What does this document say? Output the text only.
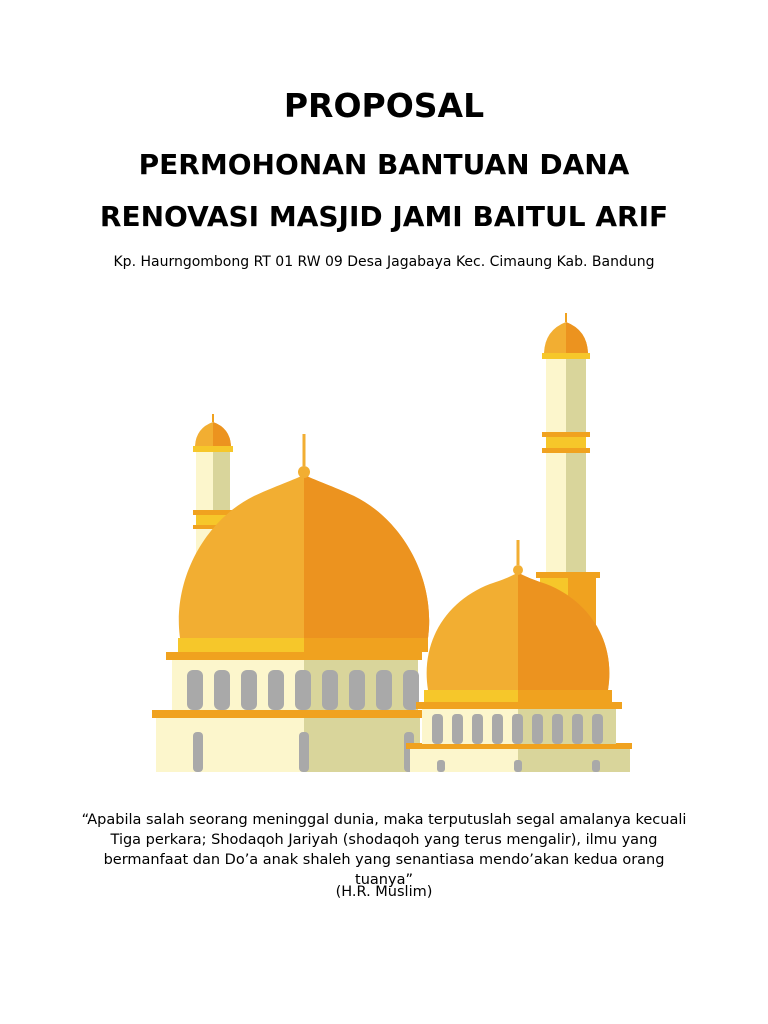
PROPOSAL
PERMOHONAN BANTUAN DANA
RENOVASI MASJID JAMI BAITUL ARIF

Kp. Haurngombong RT 01 RW 09 Desa Jagabaya Kec. Cimaung Kab. Bandung

“Apabila salah seorang meninggal dunia, maka terputuslah segal amalanya kecuali Tiga perkara; Shodaqoh Jariyah (shodaqoh yang terus mengalir), ilmu yang bermanfaat dan Do’a anak shaleh yang senantiasa mendo’akan kedua orang tuanya”

(H.R. Muslim)
